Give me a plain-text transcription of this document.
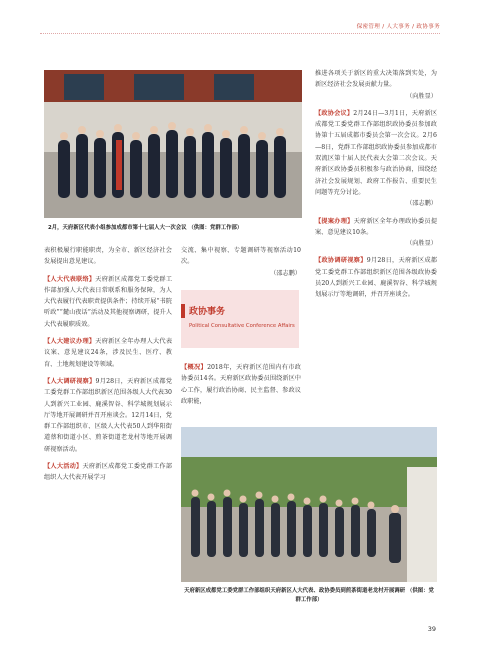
保密管理 / 人大事务 / 政协事务
2月，天府新区代表小组参加成都市第十七届人大一次会议 （供图：党群工作部）

表积极履行职能职责，为全市、新区经济社会发展提出意见建议。

【人大代表联络】天府新区成都党工委党群工作部加强人大代表日常联系和服务保障，为人大代表履行代表职责提供条件；持续开展“书院听政”“麓山夜话”活动及其他视察调研，提升人大代表履职质效。

【人大建议办理】天府新区全年办理人大代表议案、意见建议24条，涉及民生、医疗、教育、土地规划建设等领域。

【人大调研视察】9月28日，天府新区成都党工委党群工作部组织新区范围各级人大代表30人到新兴工业园、鹿溪智谷、科学城规划展示厅等地开展调研并召开座谈会。12月14日，党群工作部组织市、区级人大代表50人到华阳街道蔡和街道小区、煎茶街道老龙村等地开展调研视察活动。

【人大活动】天府新区成都党工委党群工作部组织人大代表开展学习

交流、集中视察、专题调研等视察活动10次。
（邵志鹏）

政协事务
Political Consultative Conference Affairs

【概况】2018年，天府新区范围内有市政协委员14名。天府新区政协委员围绕新区中心工作，履行政治协商、民主监督、参政议政职能，

推进各项关于新区的重大决策落到实处，为新区经济社会发展贡献力量。
（向胜显）

【政协会议】2月24日—3月1日，天府新区成都党工委党群工作部组织政协委员参加政协第十五届成都市委员会第一次会议。2月6—8日，党群工作部组织政协委员参加成都市双流区第十届人民代表大会第二次会议。天府新区政协委员积极参与政治协商，围绕经济社会发展规划、政府工作报告、重要民生问题等充分讨论。
（邵志鹏）

【提案办理】天府新区全年办理政协委员提案、意见建议10条。
（向胜显）

【政协调研视察】9月28日，天府新区成都党工委党群工作部组织新区范围各级政协委员20人到新兴工业园、鹿溪智谷、科学城规划展示厅等地调研，并召开座谈会。

天府新区成都党工委党群工作部组织天府新区人大代表、政协委员到煎茶街道老龙村开展调研 （供图：党群工作部）
39
